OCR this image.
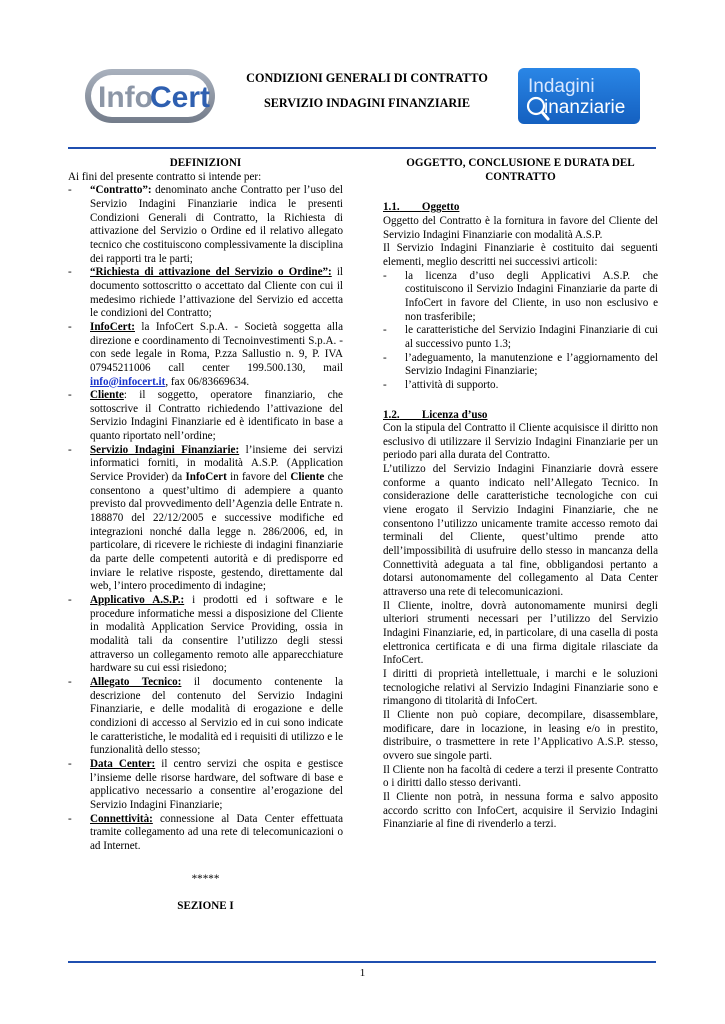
Info
Cert
CONDIZIONI GENERALI DI CONTRATTO
SERVIZIO INDAGINI FINANZIARIE
Indagini
inanziarie
DEFINIZIONI
Ai fini del presente contratto si intende per:
- “Contratto”: denominato anche Contratto per l’uso del Servizio Indagini Finanziarie indica le presenti Condizioni Generali di Contratto, la Richiesta di attivazione del Servizio o Ordine ed il relativo allegato tecnico che costituiscono complessivamente la disciplina dei rapporti tra le parti;
- “Richiesta di attivazione del Servizio o Ordine”: il documento sottoscritto o accettato dal Cliente con cui il medesimo richiede l’attivazione del Servizio ed accetta le condizioni del Contratto;
- InfoCert: la InfoCert S.p.A. - Società soggetta alla direzione e coordinamento di Tecnoinvestimenti S.p.A. - con sede legale in Roma, P.zza Sallustio n. 9, P. IVA 07945211006 call center 199.500.130, mail info@infocert.it, fax 06/83669634.
- Cliente: il soggetto, operatore finanziario, che sottoscrive il Contratto richiedendo l’attivazione del Servizio Indagini Finanziarie ed è identificato in base a quanto riportato nell’ordine;
- Servizio Indagini Finanziarie: l’insieme dei servizi informatici forniti, in modalità A.S.P. (Application Service Provider) da InfoCert in favore del Cliente che consentono a quest’ultimo di adempiere a quanto previsto dal provvedimento dell’Agenzia delle Entrate n. 188870 del 22/12/2005 e successive modifiche ed integrazioni nonché dalla legge n. 286/2006, ed, in particolare, di ricevere le richieste di indagini finanziarie da parte delle competenti autorità e di predisporre ed inviare le relative risposte, gestendo, direttamente dal web, l’intero procedimento di indagine;
- Applicativo A.S.P.: i prodotti ed i software e le procedure informatiche messi a disposizione del Cliente in modalità Application Service Providing, ossia in modalità tali da consentire l’utilizzo degli stessi attraverso un collegamento remoto alle apparecchiature hardware su cui essi risiedono;
- Allegato Tecnico: il documento contenente la descrizione del contenuto del Servizio Indagini Finanziarie, e delle modalità di erogazione e delle condizioni di accesso al Servizio ed in cui sono indicate le caratteristiche, le modalità ed i requisiti di utilizzo e le funzionalità dello stesso;
- Data Center: il centro servizi che ospita e gestisce l’insieme delle risorse hardware, del software di base e applicativo necessario a consentire al’erogazione del Servizio Indagini Finanziarie;
- Connettività: connessione al Data Center effettuata tramite collegamento ad una rete di telecomunicazioni o ad Internet.
*****
SEZIONE I
OGGETTO, CONCLUSIONE E DURATA DEL CONTRATTO
1.1. Oggetto
Oggetto del Contratto è la fornitura in favore del Cliente del Servizio Indagini Finanziarie con modalità A.S.P.
Il Servizio Indagini Finanziarie è costituito dai seguenti elementi, meglio descritti nei successivi articoli:
- la licenza d’uso degli Applicativi A.S.P. che costituiscono il Servizio Indagini Finanziarie da parte di InfoCert in favore del Cliente, in uso non esclusivo e non trasferibile;
- le caratteristiche del Servizio Indagini Finanziarie di cui al successivo punto 1.3;
- l’adeguamento, la manutenzione e l’aggiornamento del Servizio Indagini Finanziarie;
- l’attività di supporto.
1.2. Licenza d’uso
Con la stipula del Contratto il Cliente acquisisce il diritto non esclusivo di utilizzare il Servizio Indagini Finanziarie per un periodo pari alla durata del Contratto.
L’utilizzo del Servizio Indagini Finanziarie dovrà essere conforme a quanto indicato nell’Allegato Tecnico. In considerazione delle caratteristiche tecnologiche con cui viene erogato il Servizio Indagini Finanziarie, che ne consentono l’utilizzo unicamente tramite accesso remoto dai terminali del Cliente, quest’ultimo prende atto dell’impossibilità di usufruire dello stesso in mancanza della Connettività adeguata a tal fine, obbligandosi pertanto a dotarsi autonomamente del collegamento al Data Center attraverso una rete di telecomunicazioni.
Il Cliente, inoltre, dovrà autonomamente munirsi degli ulteriori strumenti necessari per l’utilizzo del Servizio Indagini Finanziarie, ed, in particolare, di una casella di posta elettronica certificata e di una firma digitale rilasciate da InfoCert.
I diritti di proprietà intellettuale, i marchi e le soluzioni tecnologiche relativi al Servizio Indagini Finanziarie sono e rimangono di titolarità di InfoCert.
Il Cliente non può copiare, decompilare, disassemblare, modificare, dare in locazione, in leasing e/o in prestito, distribuire, o trasmettere in rete l’Applicativo A.S.P. stesso, ovvero sue singole parti.
Il Cliente non ha facoltà di cedere a terzi il presente Contratto o i diritti dallo stesso derivanti.
Il Cliente non potrà, in nessuna forma e salvo apposito accordo scritto con InfoCert, acquisire il Servizio Indagini Finanziarie al fine di rivenderlo a terzi.
1
